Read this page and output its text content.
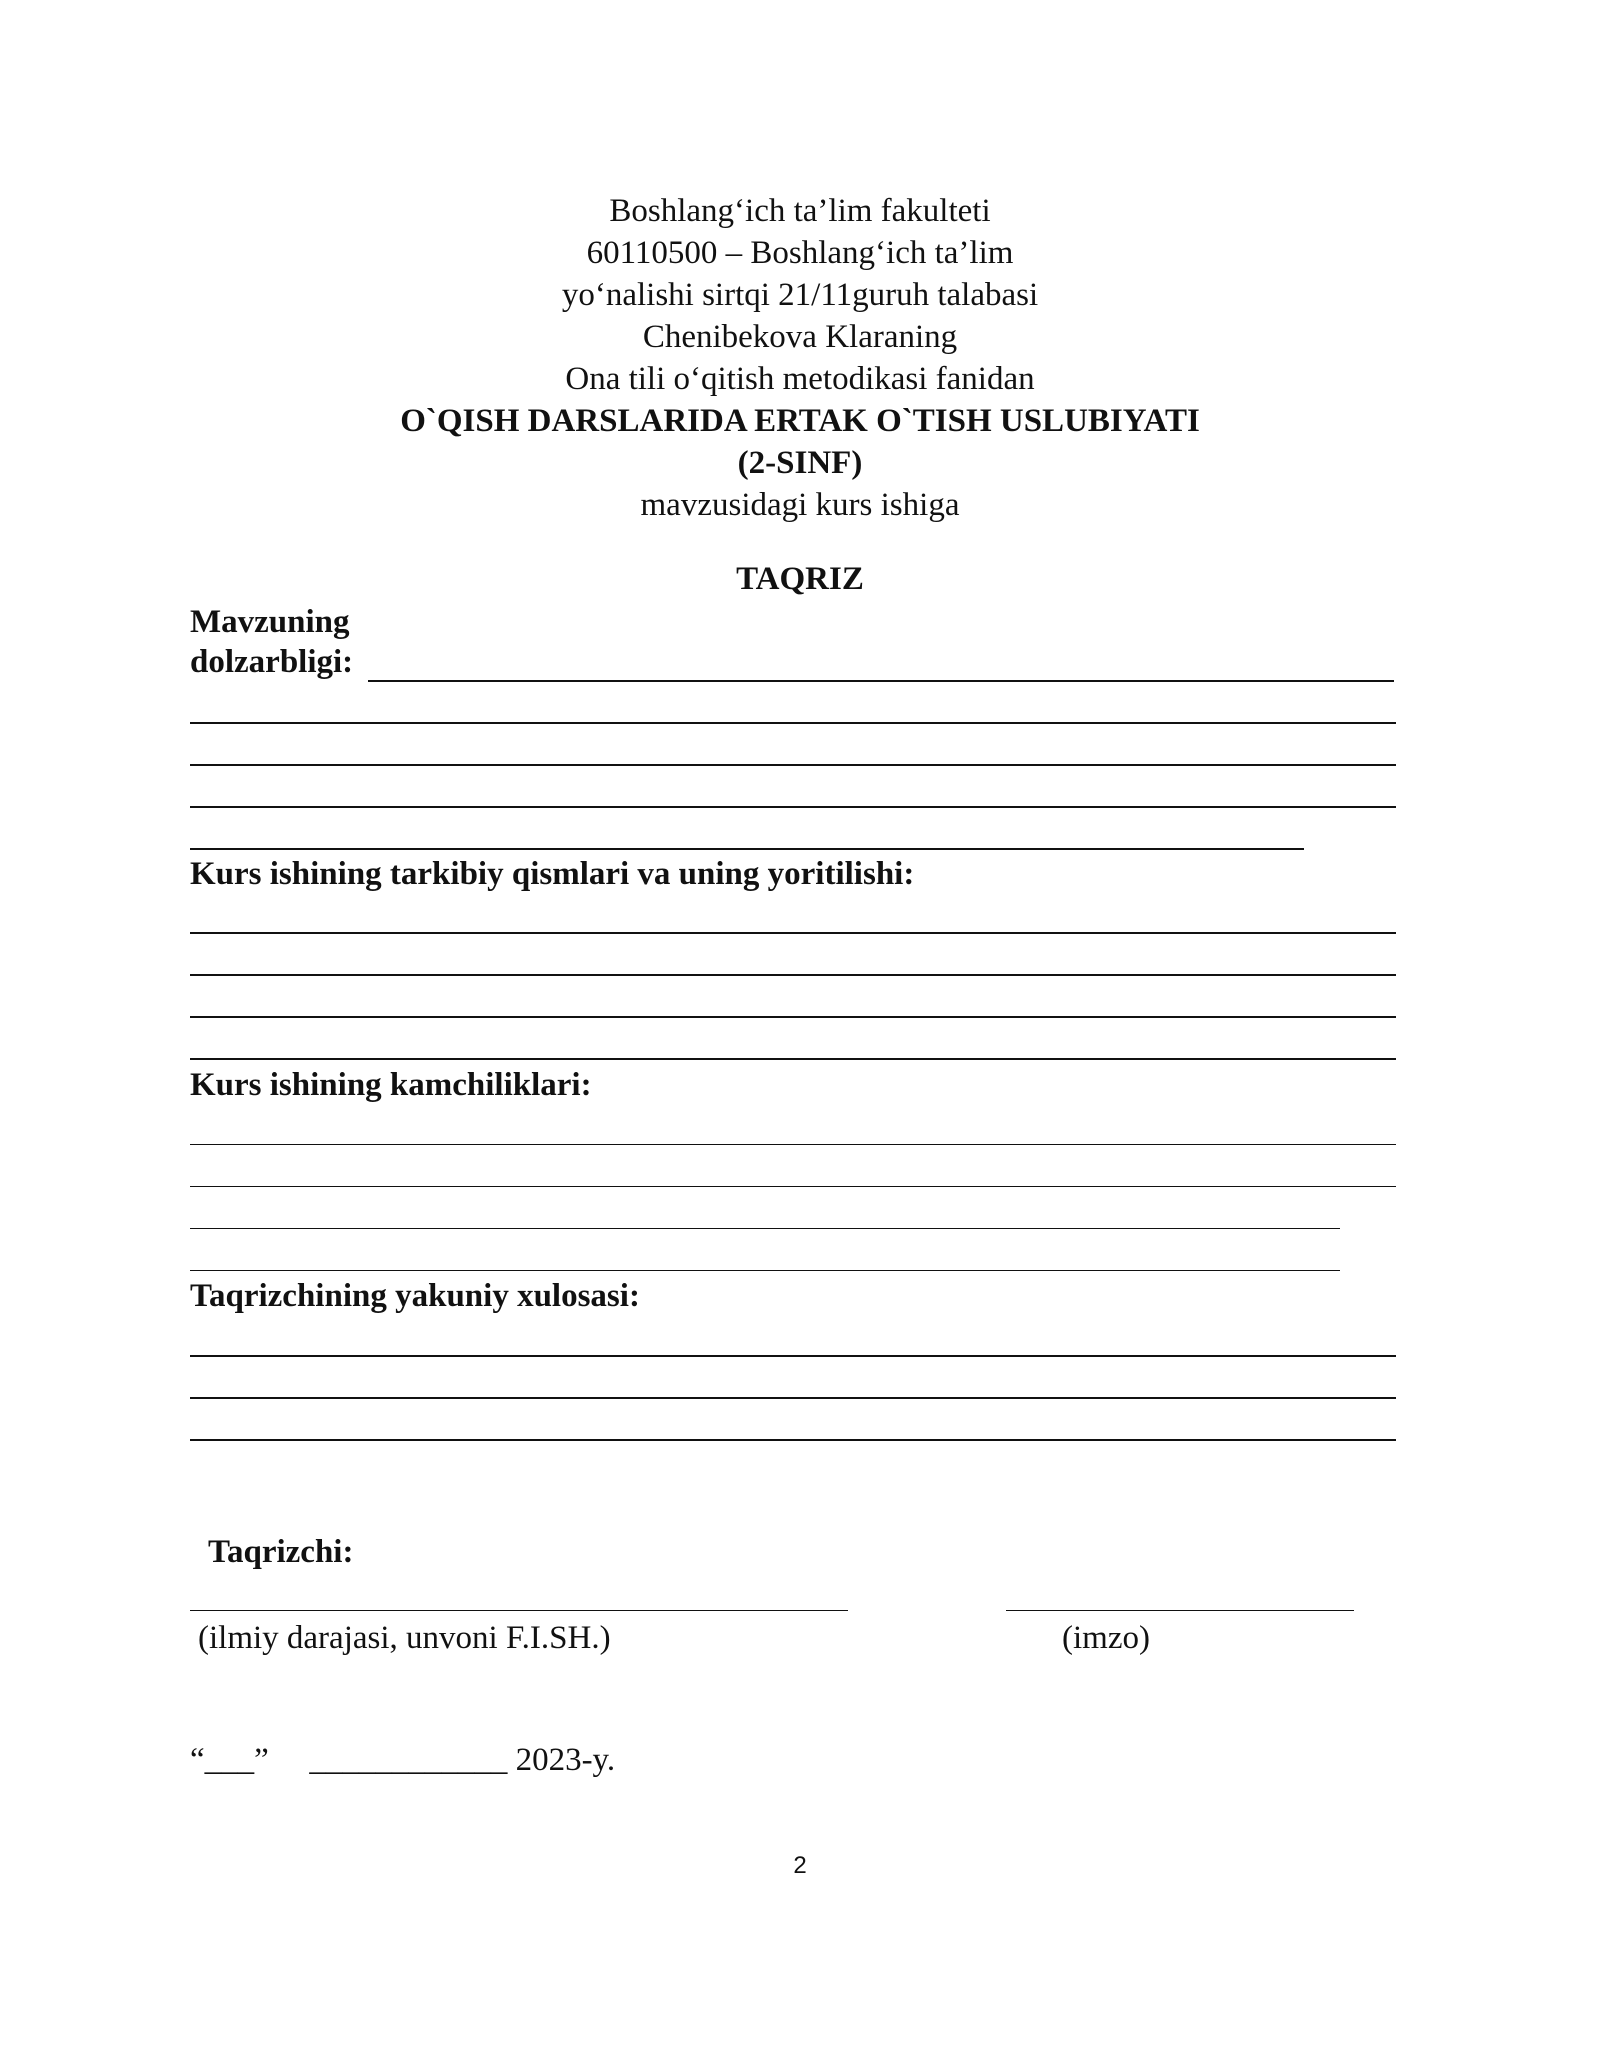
Boshlang‘ich ta’lim fakulteti
60110500 – Boshlang‘ich ta’lim
yo‘nalishi sirtqi 21/11guruh talabasi
Chenibekova Klaraning
Ona tili o‘qitish metodikasi fanidan
O`QISH DARSLARIDA ERTAK O`TISH USLUBIYATI
(2-SINF)
mavzusidagi kurs ishiga
TAQRIZ
Mavzuning
dolzarbligi:
Kurs ishining tarkibiy qismlari va uning yoritilishi:
Kurs ishining kamchiliklari:
Taqrizchining yakuniy xulosasi:
Taqrizchi:
(ilmiy darajasi, unvoni F.I.SH.)	(imzo)
“___” ____________ 2023-y.
2
